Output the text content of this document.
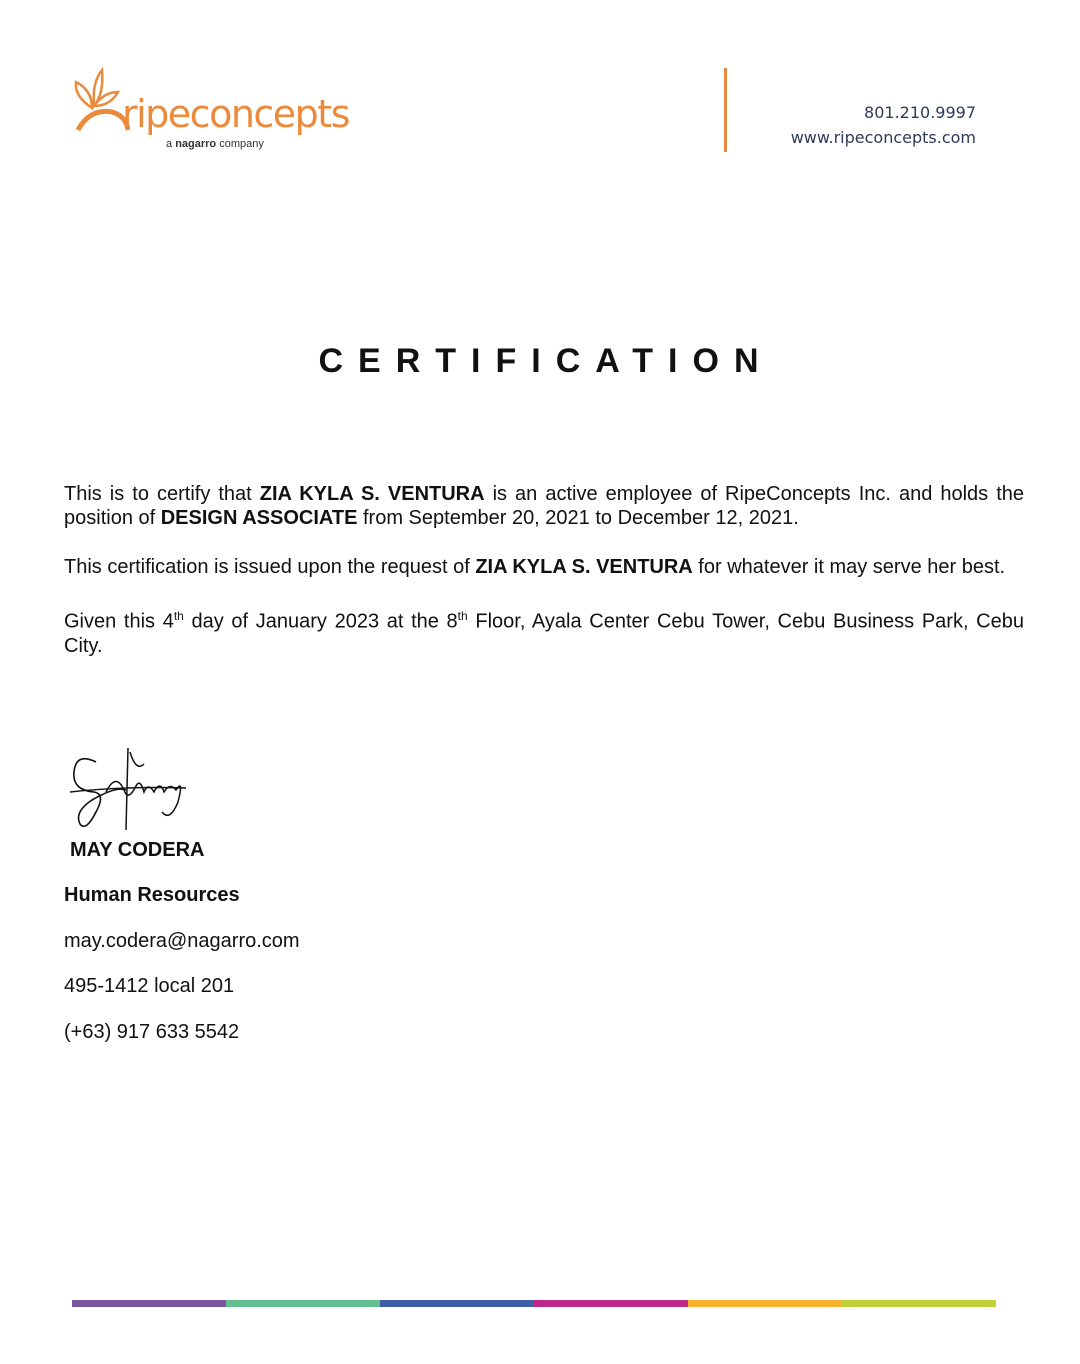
ripeconcepts
a nagarro company
801.210.9997
www.ripeconcepts.com
CERTIFICATION

This is to certify that ZIA KYLA S. VENTURA is an active employee of RipeConcepts Inc. and holds the position of DESIGN ASSOCIATE from September 20, 2021 to December 12, 2021.

This certification is issued upon the request of ZIA KYLA S. VENTURA for whatever it may serve her best.

Given this 4th day of January 2023 at the 8th Floor, Ayala Center Cebu Tower, Cebu Business Park, Cebu City.

MAY CODERA
Human Resources
may.codera@nagarro.com
495-1412 local 201
(+63) 917 633 5542
